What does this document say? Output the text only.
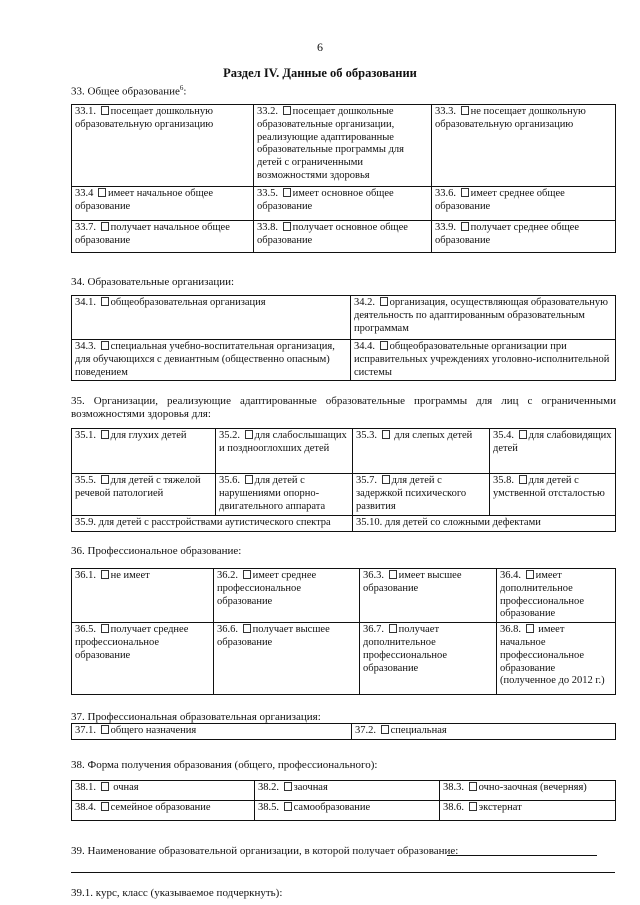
6
Раздел IV. Данные об образовании
33. Общее образование$^6$:
33.1. посещает дошкольную образовательную организацию	33.2. посещает дошкольные образовательные организации, реализующие адаптированные образовательные программы для детей с ограниченными возможностями здоровья	33.3. не посещает дошкольную образовательную организацию
33.4 имеет начальное общее образование	33.5. имеет основное общее образование	33.6. имеет среднее общее образование
33.7. получает начальное общее образование	33.8. получает основное общее образование	33.9. получает среднее общее образование
34. Образовательные организации:
34.1. общеобразовательная организация	34.2. организация, осуществляющая образовательную деятельность по адаптированным образовательным программам
34.3. специальная учебно-воспитательная организация, для обучающихся с девиантным (общественно опасным) поведением	34.4. общеобразовательные организации при исправительных учреждениях уголовно-исполнительной системы
35. Организации, реализующие адаптированные образовательные программы для лиц с ограниченными возможностями здоровья для:
35.1. для глухих детей	35.2. для слабослышащих и позднооглохших детей	35.3.  для слепых детей	35.4. для слабовидящих детей
35.5. для детей с тяжелой речевой патологией	35.6. для детей с нарушениями опорно-двигательного аппарата	35.7. для детей с задержкой психического развития	35.8. для детей с умственной отсталостью
35.9. для детей с расстройствами аутистического спектра		35.10. для детей со сложными дефектами	
36. Профессиональное образование:
36.1. не имеет	36.2. имеет среднее профессиональное образование	36.3. имеет высшее образование	36.4. имеет дополнительное профессиональное образование
36.5. получает среднее профессиональное образование	36.6. получает высшее образование	36.7. получает дополнительное профессиональное образование	36.8.  имеет начальное профессиональное образование (полученное до 2012 г.)
37. Профессиональная образовательная организация:
37.1. общего назначения	37.2. специальная
38. Форма получения образования (общего, профессионального):
38.1.  очная	38.2. заочная	38.3. очно-заочная (вечерняя)
38.4. семейное образование	38.5. самообразование	38.6. экстернат
39. Наименование образовательной организации, в которой получает образование:
39.1. курс, класс (указываемое подчеркнуть):
